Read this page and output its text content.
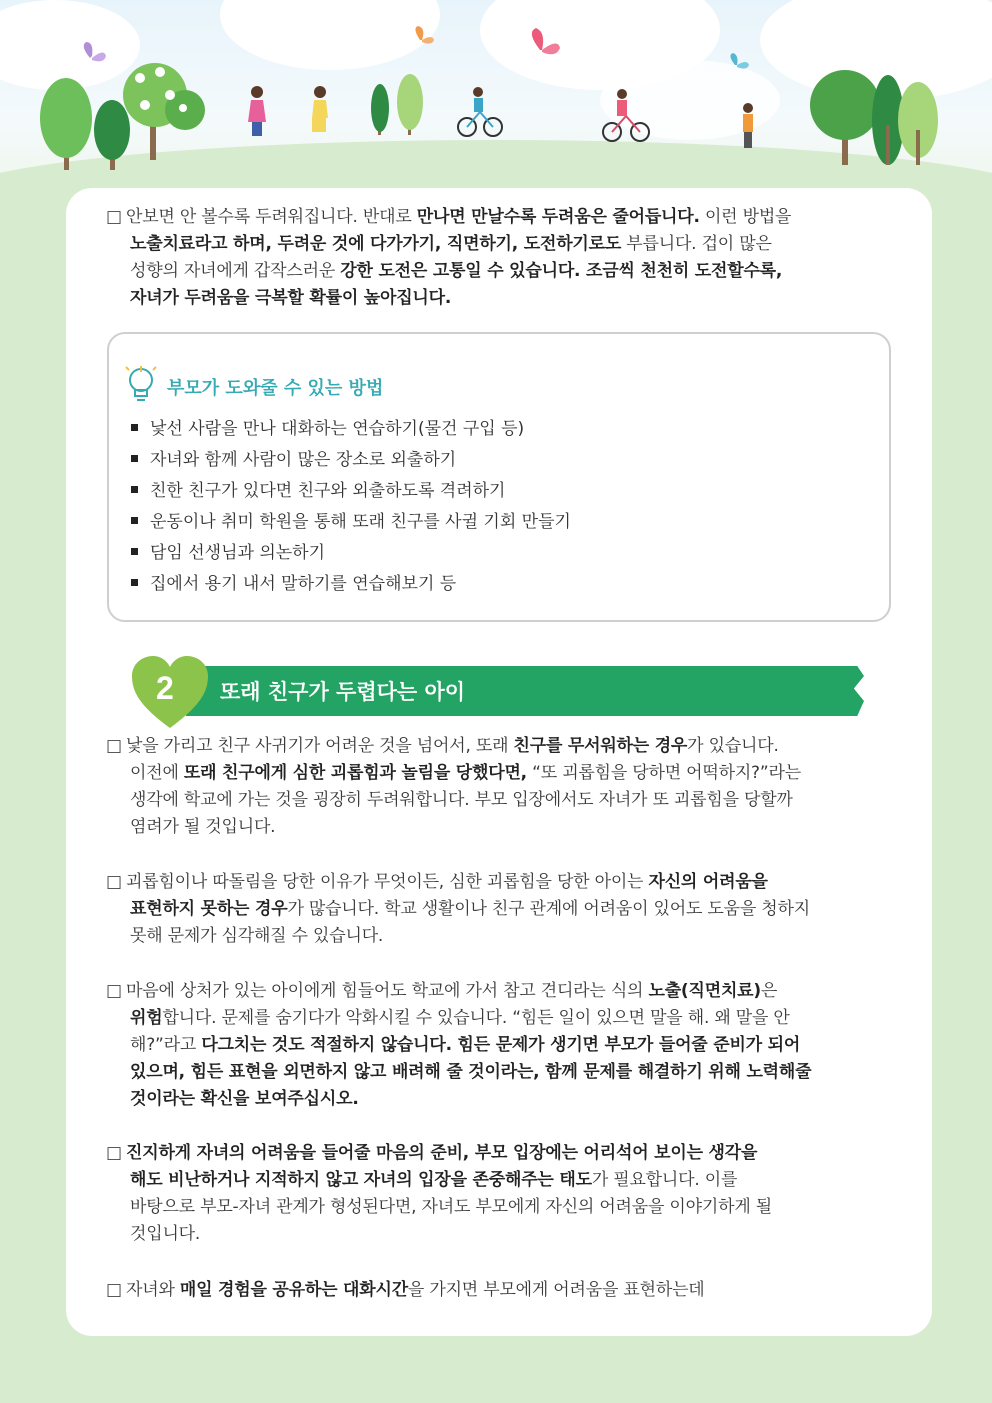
□ 안보면 안 볼수록 두려워집니다. 반대로 만나면 만날수록 두려움은 줄어듭니다. 이런 방법을
노출치료라고 하며, 두려운 것에 다가가기, 직면하기, 도전하기로도 부릅니다. 겁이 많은
성향의 자녀에게 갑작스러운 강한 도전은 고통일 수 있습니다. 조금씩 천천히 도전할수록,
자녀가 두려움을 극복할 확률이 높아집니다.
부모가 도와줄 수 있는 방법
낯선 사람을 만나 대화하는 연습하기(물건 구입 등)
자녀와 함께 사람이 많은 장소로 외출하기
친한 친구가 있다면 친구와 외출하도록 격려하기
운동이나 취미 학원을 통해 또래 친구를 사귈 기회 만들기
담임 선생님과 의논하기
집에서 용기 내서 말하기를 연습해보기 등
2 또래 친구가 두렵다는 아이
□ 낯을 가리고 친구 사귀기가 어려운 것을 넘어서, 또래 친구를 무서워하는 경우가 있습니다.
이전에 또래 친구에게 심한 괴롭힘과 놀림을 당했다면, “또 괴롭힘을 당하면 어떡하지?”라는
생각에 학교에 가는 것을 굉장히 두려워합니다. 부모 입장에서도 자녀가 또 괴롭힘을 당할까
염려가 될 것입니다.
□ 괴롭힘이나 따돌림을 당한 이유가 무엇이든, 심한 괴롭힘을 당한 아이는 자신의 어려움을
표현하지 못하는 경우가 많습니다. 학교 생활이나 친구 관계에 어려움이 있어도 도움을 청하지
못해 문제가 심각해질 수 있습니다.
□ 마음에 상처가 있는 아이에게 힘들어도 학교에 가서 참고 견디라는 식의 노출(직면치료)은
위험합니다. 문제를 숨기다가 악화시킬 수 있습니다. “힘든 일이 있으면 말을 해. 왜 말을 안
해?”라고 다그치는 것도 적절하지 않습니다. 힘든 문제가 생기면 부모가 들어줄 준비가 되어
있으며, 힘든 표현을 외면하지 않고 배려해 줄 것이라는, 함께 문제를 해결하기 위해 노력해줄
것이라는 확신을 보여주십시오.
□ 진지하게 자녀의 어려움을 들어줄 마음의 준비, 부모 입장에는 어리석어 보이는 생각을
해도 비난하거나 지적하지 않고 자녀의 입장을 존중해주는 태도가 필요합니다. 이를
바탕으로 부모-자녀 관계가 형성된다면, 자녀도 부모에게 자신의 어려움을 이야기하게 될
것입니다.
□ 자녀와 매일 경험을 공유하는 대화시간을 가지면 부모에게 어려움을 표현하는데
